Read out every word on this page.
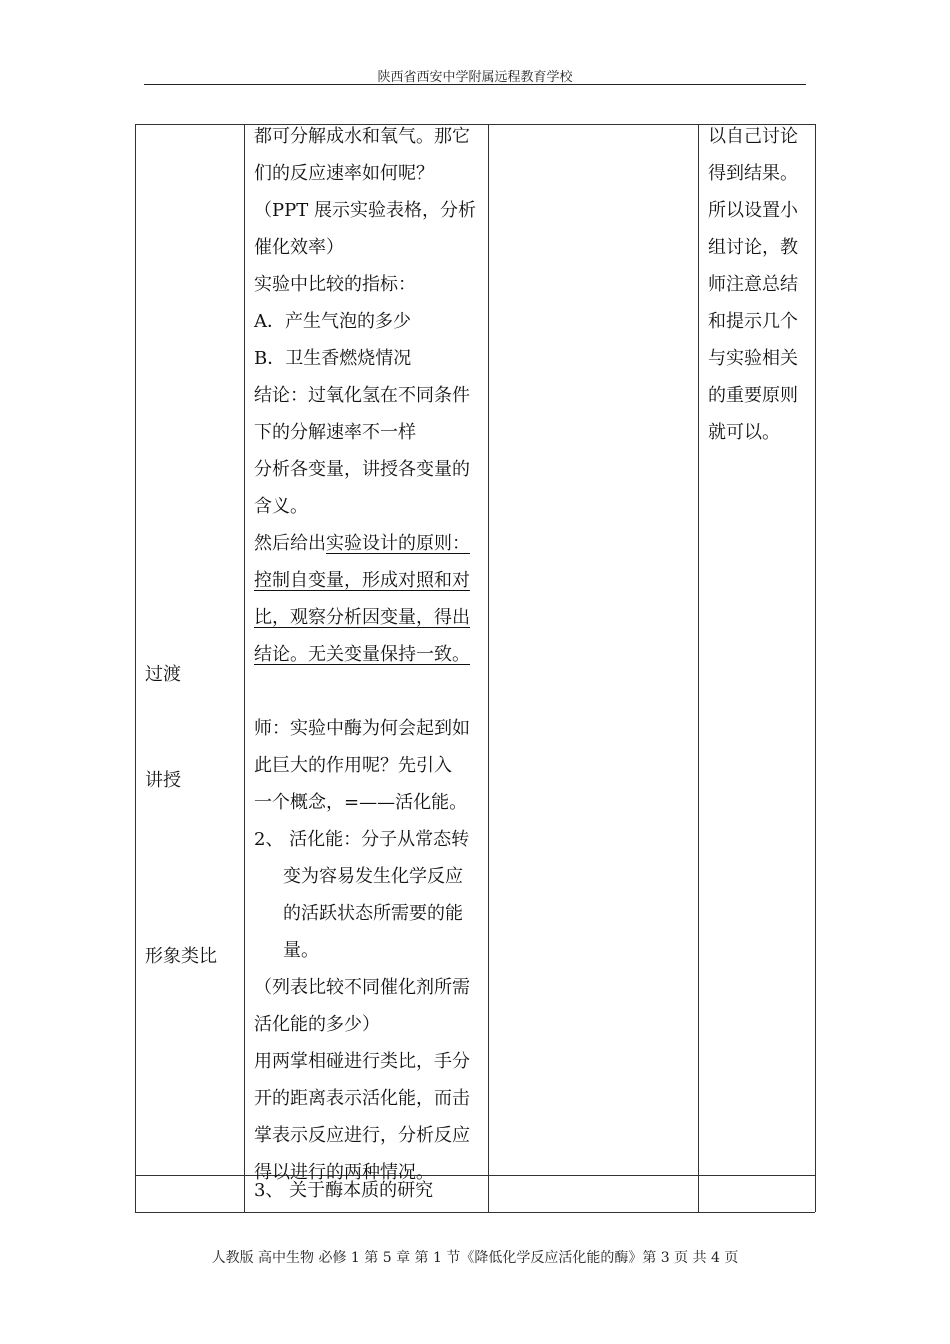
陕西省西安中学附属远程教育学校
过渡
讲授
形象类比

都可分解成水和氧气。那它

们的反应速率如何呢？

（PPT 展示实验表格，分析

催化效率）

实验中比较的指标：

A．产生气泡的多少

B．卫生香燃烧情况

结论：过氧化氢在不同条件

下的分解速率不一样

分析各变量，讲授各变量的

含义。

然后给出实验设计的原则：

控制自变量，形成对照和对

比，观察分析因变量，得出

结论。无关变量保持一致。

师：实验中酶为何会起到如

此巨大的作用呢？先引入

一个概念，=——活化能。

2、 活化能：分子从常态转

变为容易发生化学反应

的活跃状态所需要的能

量。

（列表比较不同催化剂所需

活化能的多少）

用两掌相碰进行类比，手分

开的距离表示活化能，而击

掌表示反应进行，分析反应

得以进行的两种情况。

3、 关于酶本质的研究

以自己讨论

得到结果。

所以设置小

组讨论，教

师注意总结

和提示几个

与实验相关

的重要原则

就可以。

人教版 高中生物 必修 1 第 5 章 第 1 节《降低化学反应活化能的酶》第 3 页 共 4 页
